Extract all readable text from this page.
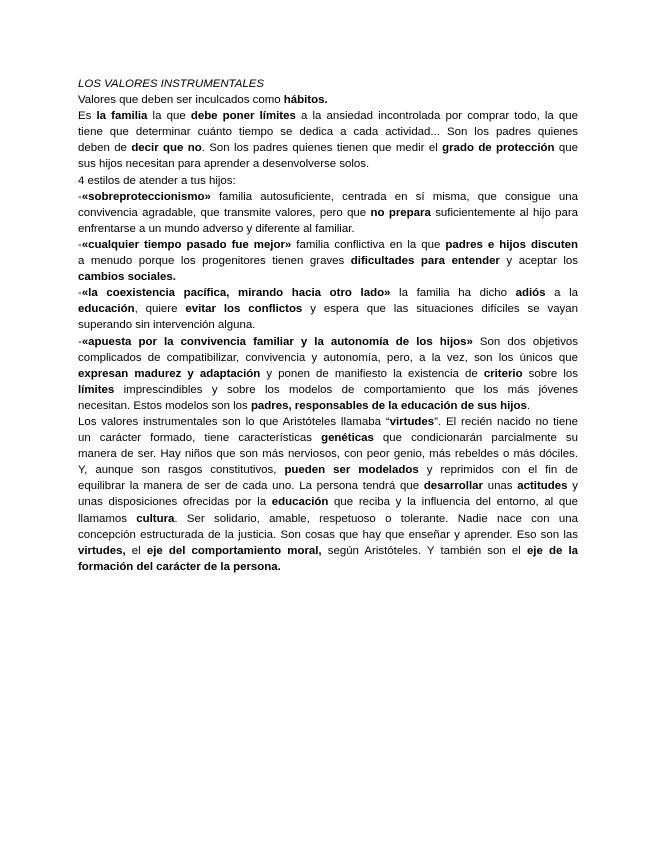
LOS VALORES INSTRUMENTALES
Valores que deben ser inculcados como hábitos.
Es la familia la que debe poner límites a la ansiedad incontrolada por comprar todo, la que
tiene que determinar cuánto tiempo se dedica a cada actividad... Son los padres quienes
deben de decir que no. Son los padres quienes tienen que medir el grado de protección que
sus hijos necesitan para aprender a desenvolverse solos.
4 estilos de atender a tus hijos:
-«sobreproteccionismo» familia autosuficiente, centrada en sí misma, que consigue una
convivencia agradable, que transmite valores, pero que no prepara suficientemente al hijo para
enfrentarse a un mundo adverso y diferente al familiar.
-«cualquier tiempo pasado fue mejor» familia conflictiva en la que padres e hijos discuten
a menudo porque los progenitores tienen graves dificultades para entender y aceptar los
cambios sociales.
-«la coexistencia pacífica, mirando hacia otro lado» la familia ha dicho adiós a la
educación, quiere evitar los conflictos y espera que las situaciones difíciles se vayan
superando sin intervención alguna.
-«apuesta por la convivencia familiar y la autonomía de los hijos» Son dos objetivos
complicados de compatibilizar, convivencia y autonomía, pero, a la vez, son los únicos que
expresan madurez y adaptación y ponen de manifiesto la existencia de criterio sobre los
límites imprescindibles y sobre los modelos de comportamiento que los más jóvenes
necesitan. Estos modelos son los padres, responsables de la educación de sus hijos.
Los valores instrumentales son lo que Aristóteles llamaba “virtudes”. El recién nacido no tiene
un carácter formado, tiene características genéticas que condicionarán parcialmente su
manera de ser. Hay niños que son más nerviosos, con peor genio, más rebeldes o más dóciles.
Y, aunque son rasgos constitutivos, pueden ser modelados y reprimidos con el fin de
equilibrar la manera de ser de cada uno. La persona tendrá que desarrollar unas actitudes y
unas disposiciones ofrecidas por la educación que reciba y la influencia del entorno, al que
llamamos cultura. Ser solidario, amable, respetuoso o tolerante. Nadie nace con una
concepción estructurada de la justicia. Son cosas que hay que enseñar y aprender. Eso son las
virtudes, el eje del comportamiento moral, según Aristóteles. Y también son el eje de la
formación del carácter de la persona.
